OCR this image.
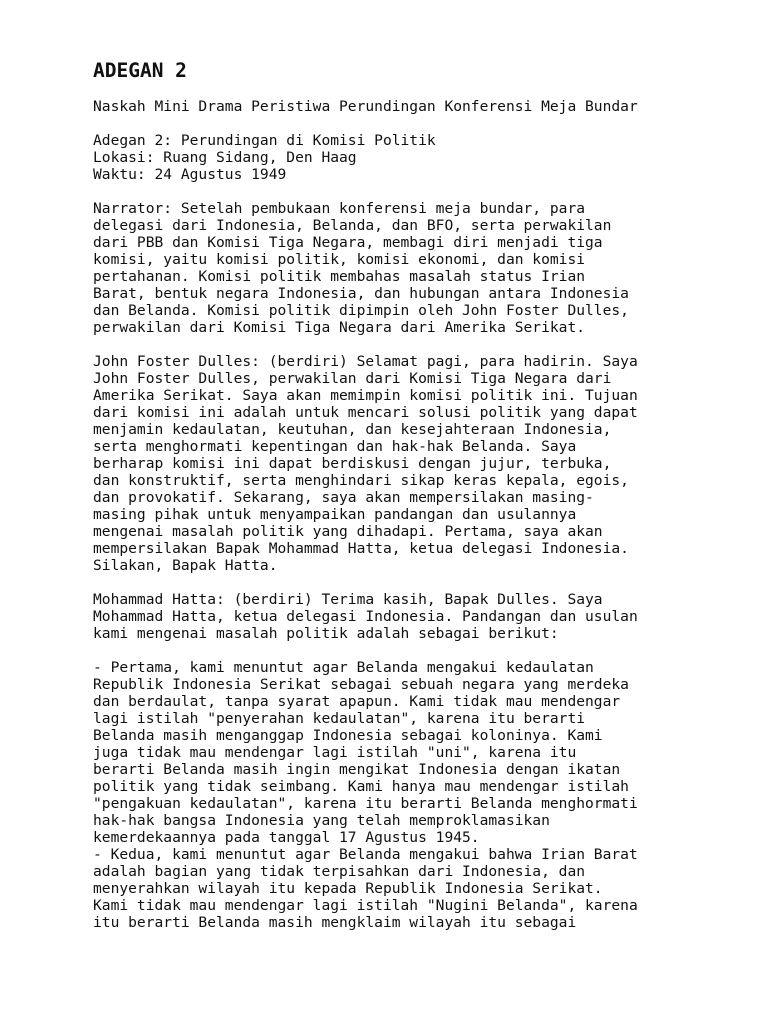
ADEGAN 2

Naskah Mini Drama Peristiwa Perundingan Konferensi Meja Bundar

Adegan 2: Perundingan di Komisi Politik

Lokasi: Ruang Sidang, Den Haag

Waktu: 24 Agustus 1949

Narrator: Setelah pembukaan konferensi meja bundar, para

delegasi dari Indonesia, Belanda, dan BFO, serta perwakilan

dari PBB dan Komisi Tiga Negara, membagi diri menjadi tiga

komisi, yaitu komisi politik, komisi ekonomi, dan komisi

pertahanan. Komisi politik membahas masalah status Irian

Barat, bentuk negara Indonesia, dan hubungan antara Indonesia

dan Belanda. Komisi politik dipimpin oleh John Foster Dulles,

perwakilan dari Komisi Tiga Negara dari Amerika Serikat.

John Foster Dulles: (berdiri) Selamat pagi, para hadirin. Saya

John Foster Dulles, perwakilan dari Komisi Tiga Negara dari

Amerika Serikat. Saya akan memimpin komisi politik ini. Tujuan

dari komisi ini adalah untuk mencari solusi politik yang dapat

menjamin kedaulatan, keutuhan, dan kesejahteraan Indonesia,

serta menghormati kepentingan dan hak-hak Belanda. Saya

berharap komisi ini dapat berdiskusi dengan jujur, terbuka,

dan konstruktif, serta menghindari sikap keras kepala, egois,

dan provokatif. Sekarang, saya akan mempersilakan masing-

masing pihak untuk menyampaikan pandangan dan usulannya

mengenai masalah politik yang dihadapi. Pertama, saya akan

mempersilakan Bapak Mohammad Hatta, ketua delegasi Indonesia.

Silakan, Bapak Hatta.

Mohammad Hatta: (berdiri) Terima kasih, Bapak Dulles. Saya

Mohammad Hatta, ketua delegasi Indonesia. Pandangan dan usulan

kami mengenai masalah politik adalah sebagai berikut:

- Pertama, kami menuntut agar Belanda mengakui kedaulatan

Republik Indonesia Serikat sebagai sebuah negara yang merdeka

dan berdaulat, tanpa syarat apapun. Kami tidak mau mendengar

lagi istilah "penyerahan kedaulatan", karena itu berarti

Belanda masih menganggap Indonesia sebagai koloninya. Kami

juga tidak mau mendengar lagi istilah "uni", karena itu

berarti Belanda masih ingin mengikat Indonesia dengan ikatan

politik yang tidak seimbang. Kami hanya mau mendengar istilah

"pengakuan kedaulatan", karena itu berarti Belanda menghormati

hak-hak bangsa Indonesia yang telah memproklamasikan

kemerdekaannya pada tanggal 17 Agustus 1945.

- Kedua, kami menuntut agar Belanda mengakui bahwa Irian Barat

adalah bagian yang tidak terpisahkan dari Indonesia, dan

menyerahkan wilayah itu kepada Republik Indonesia Serikat.

Kami tidak mau mendengar lagi istilah "Nugini Belanda", karena

itu berarti Belanda masih mengklaim wilayah itu sebagai
